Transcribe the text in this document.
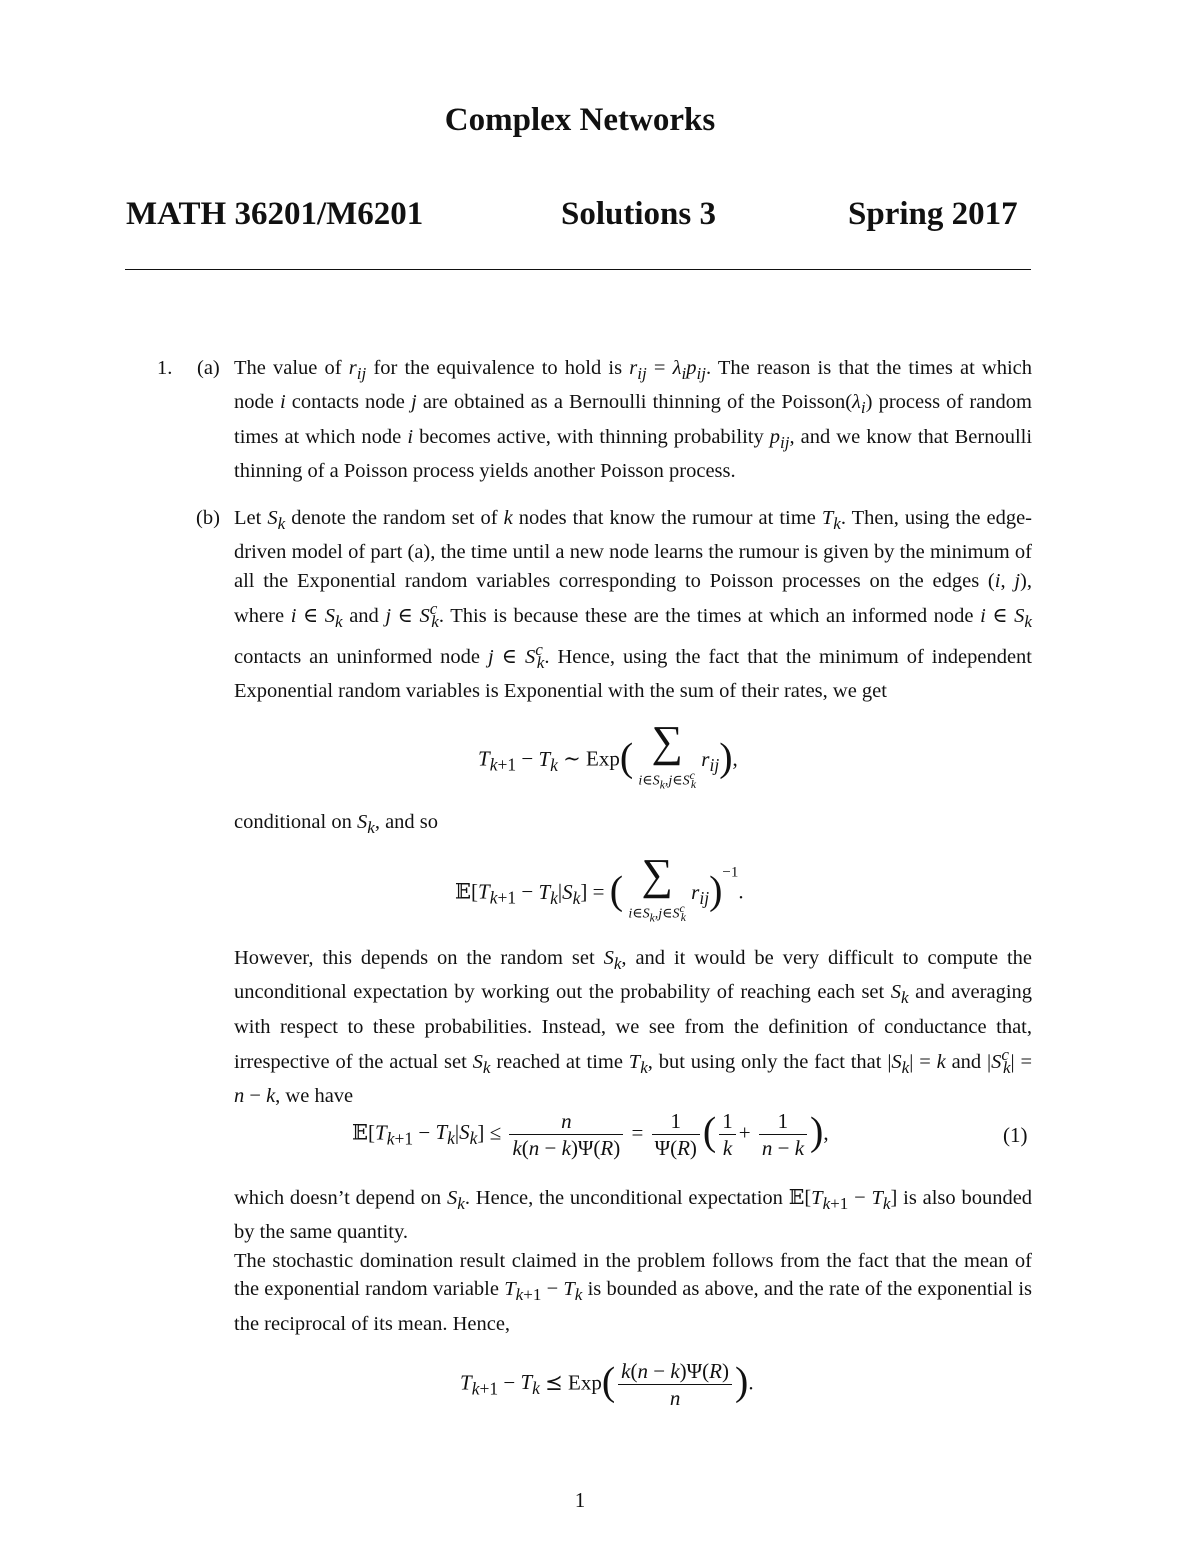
Complex Networks
MATH 36201/M6201	Solutions 3	Spring 2017
1. (a)
(b)
The value of $r_{ij}$ for the equivalence to hold is $r_{ij} = \lambda_ip_{ij}$. The reason is that the times at which node i contacts node j are obtained as a Bernoulli thinning of the $Poisson(\lambda_i)$ process of random times at which node i becomes active, with thinning probability $p_{ij}$, and we know that Bernoulli thinning of a Poisson process yields another Poisson process.
Let $S_k$ denote the random set of k nodes that know the rumour at time $T_k$. Then, using the edge-driven model of part (a), the time until a new node learns the rumour is given by the minimum of all the Exponential random variables corresponding to Poisson processes on the edges (i, j), where i ∈ $S_k$ and j ∈ $S^c_k$. This is because these are the times at which an informed node i ∈ $S_k$ contacts an uninformed node j ∈ $S^c_k$. Hence, using the fact that the minimum of independent Exponential random variables is Exponential with the sum of their rates, we get
$T_{k+1} - T_k$ ∼ Exp( ∑
$i\in S_k,j\in S^c_k$
$r_{ij}$),
conditional on $S_k$, and so
$𝔼[T_{k+1} - T_k|S_k]$ = ( ∑
$i\in S_k,j\in S^c_k$
$r_{ij})^{-1}$.
However, this depends on the random set $S_k$, and it would be very difficult to compute the unconditional expectation by working out the probability of reaching each set $S_k$ and averaging with respect to these probabilities. Instead, we see from the definition of conductance that, irrespective of the actual set $S_k$ reached at time $T_k$, but using only the fact that $|S_k| = k$ and $|S^c_k| = n - k$, we have
$𝔼[T_{k+1} - T_k|S_k] \le \frac{n}{k(n - k)\Psi(R)} = \frac{1}{\Psi(R)}$ ( $\frac{1}{k} + \frac{1}{n - k}$ ),	(1)
which doesn’t depend on $S_k$. Hence, the unconditional expectation $𝔼[T_{k+1} - T_k]$ is also bounded by the same quantity.
The stochastic domination result claimed in the problem follows from the fact that the mean of the exponential random variable $T_{k+1} - T_k$ is bounded as above, and the rate of the exponential is the reciprocal of its mean. Hence,
$T_{k+1} - T_k$ ⪯ $Exp( \frac{k(n - k)\Psi(R)}{n}$ ).
1
